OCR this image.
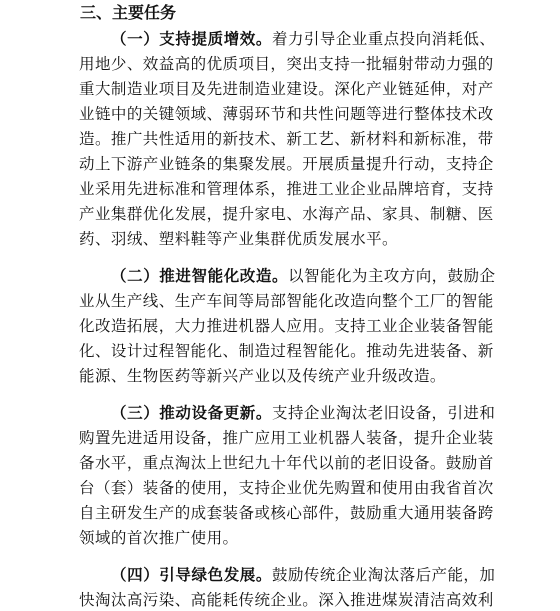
三、主要任务
（一）支持提质增效。着力引导企业重点投向消耗低、
用地少、效益高的优质项目，突出支持一批辐射带动力强的
重大制造业项目及先进制造业建设。深化产业链延伸，对产
业链中的关键领域、薄弱环节和共性问题等进行整体技术改
造。推广共性适用的新技术、新工艺、新材料和新标准，带
动上下游产业链条的集聚发展。开展质量提升行动，支持企
业采用先进标准和管理体系，推进工业企业品牌培育，支持
产业集群优化发展，提升家电、水海产品、家具、制糖、医
药、羽绒、塑料鞋等产业集群优质发展水平。
（二）推进智能化改造。以智能化为主攻方向，鼓励企
业从生产线、生产车间等局部智能化改造向整个工厂的智能
化改造拓展，大力推进机器人应用。支持工业企业装备智能
化、设计过程智能化、制造过程智能化。推动先进装备、新
能源、生物医药等新兴产业以及传统产业升级改造。
（三）推动设备更新。支持企业淘汰老旧设备，引进和
购置先进适用设备，推广应用工业机器人装备，提升企业装
备水平，重点淘汰上世纪九十年代以前的老旧设备。鼓励首
台（套）装备的使用，支持企业优先购置和使用由我省首次
自主研发生产的成套装备或核心部件，鼓励重大通用装备跨
领域的首次推广使用。
（四）引导绿色发展。鼓励传统企业淘汰落后产能，加
快淘汰高污染、高能耗传统企业。深入推进煤炭清洁高效利
